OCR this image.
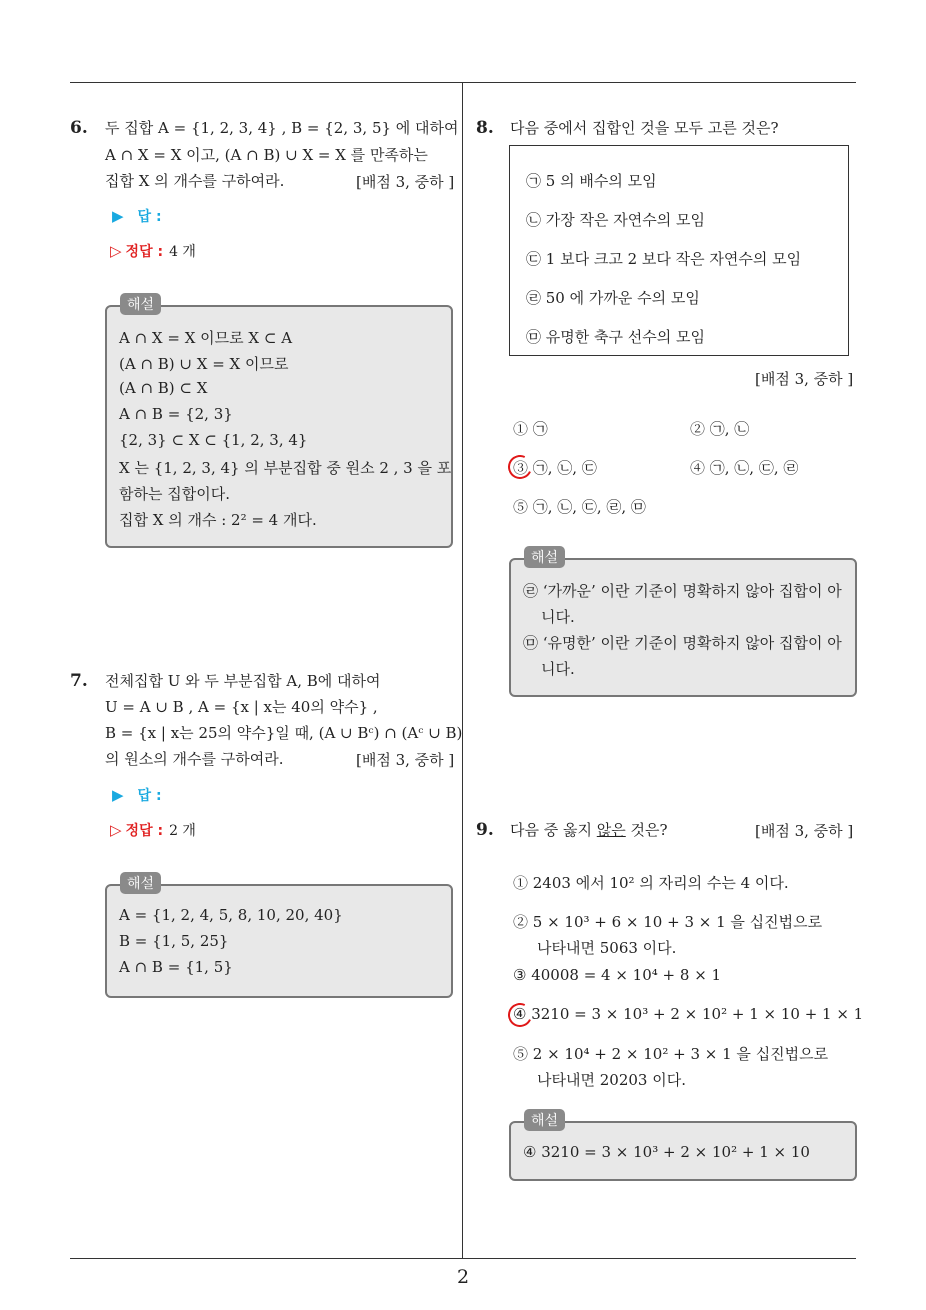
2
6. 두 집합 A = {1, 2, 3, 4} , B = {2, 3, 5} 에 대하여
A ∩ X = X 이고, (A ∩ B) ∪ X = X 를 만족하는
집합 X 의 개수를 구하여라.	[배점 3, 중하 ]
▶ 답 :
▷ 정답 : 4 개
A ∩ X = X 이므로 X ⊂ A
(A ∩ B) ∪ X = X 이므로
(A ∩ B) ⊂ X
A ∩ B = {2, 3}
{2, 3} ⊂ X ⊂ {1, 2, 3, 4}
X 는 {1, 2, 3, 4} 의 부분집합 중 원소 2 , 3 을 포
함하는 집합이다.
집합 X 의 개수 : 2² = 4 개다.
해설
7. 전체집합 U 와 두 부분집합 A, B에 대하여
U = A ∪ B , A = {x | x는 40의 약수} ,
B = {x | x는 25의 약수}일 때, (A ∪ Bᶜ) ∩ (Aᶜ ∪ B)
의 원소의 개수를 구하여라.	[배점 3, 중하 ]
▶ 답 :
▷ 정답 : 2 개
A = {1, 2, 4, 5, 8, 10, 20, 40}
B = {1, 5, 25}
A ∩ B = {1, 5}
해설
8. 다음 중에서 집합인 것을 모두 고른 것은?
㉠ 5 의 배수의 모임
㉡ 가장 작은 자연수의 모임
㉢ 1 보다 크고 2 보다 작은 자연수의 모임
㉣ 50 에 가까운 수의 모임
㉤ 유명한 축구 선수의 모임
[배점 3, 중하 ]
① ㉠	② ㉠, ㉡
③ ㉠, ㉡, ㉢	④ ㉠, ㉡, ㉢, ㉣
⑤ ㉠, ㉡, ㉢, ㉣, ㉤
㉣ ‘가까운’ 이란 기준이 명확하지 않아 집합이 아
니다.
㉤ ‘유명한’ 이란 기준이 명확하지 않아 집합이 아
니다.
해설
9. 다음 중 옳지 않은 것은?	[배점 3, 중하 ]
① 2403 에서 10² 의 자리의 수는 4 이다.
② 5 × 10³ + 6 × 10 + 3 × 1 을 십진법으로
나타내면 5063 이다.
③ 40008 = 4 × 10⁴ + 8 × 1
④ 3210 = 3 × 10³ + 2 × 10² + 1 × 10 + 1 × 1
⑤ 2 × 10⁴ + 2 × 10² + 3 × 1 을 십진법으로
나타내면 20203 이다.
④ 3210 = 3 × 10³ + 2 × 10² + 1 × 10
해설
